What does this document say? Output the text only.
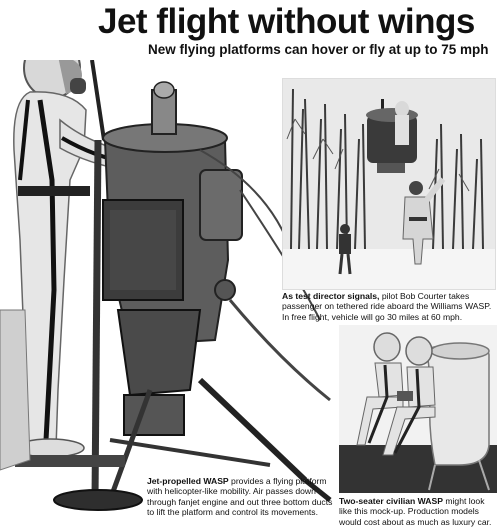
Jet flight without wings
New flying platforms can hover or fly at up to 75 mph
As test director signals, pilot Bob Courter takes passenger on tethered ride aboard the Williams WASP. In free flight, vehicle will go 30 miles at 60 mph.
Jet-propelled WASP provides a flying platform with helicopter-like mobility. Air passes down through fanjet engine and out three bottom ducts to lift the platform and control its movements.
Two-seater civilian WASP might look like this mock-up. Production models would cost about as much as luxury car.
